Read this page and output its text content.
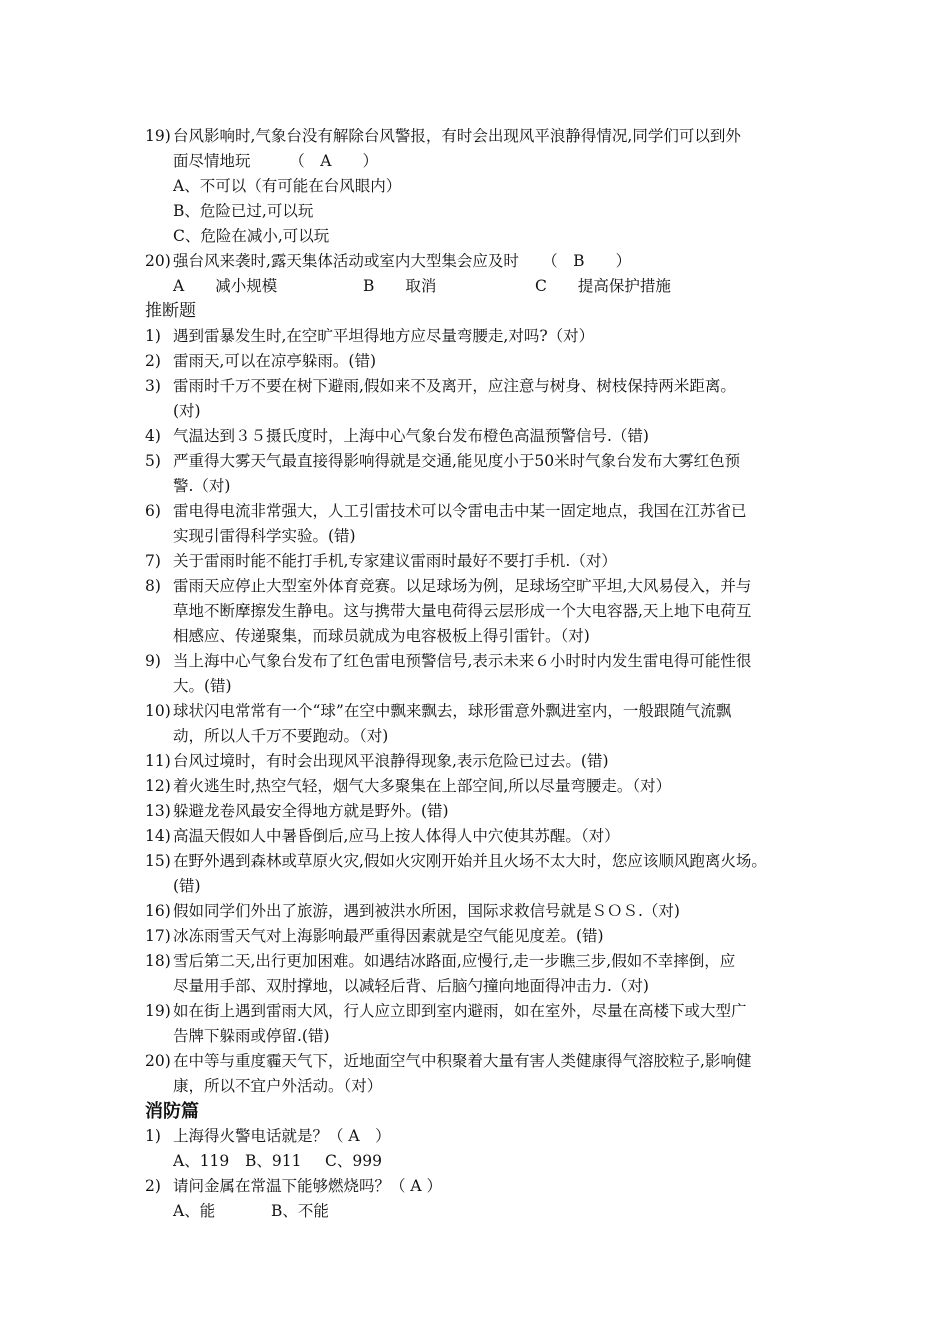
19) 台风影响时,气象台没有解除台风警报，有时会出现风平浪静得情况,同学们可以到外
面尽情地玩　　　（　A　　）
A、不可以（有可能在台风眼内）
B、危险已过,可以玩
C、危险在减小,可以玩
20) 强台风来袭时,露天集体活动或室内大型集会应及时　　（　B　　）
A　　减小规模	B　　取消	C　　提高保护措施
推断题
1) 遇到雷暴发生时,在空旷平坦得地方应尽量弯腰走,对吗?（对）
2) 雷雨天,可以在凉亭躲雨。(错)
3) 雷雨时千万不要在树下避雨,假如来不及离开，应注意与树身、树枝保持两米距离。
(对)
4) 气温达到３５摄氏度时，上海中心气象台发布橙色高温预警信号.（错)
5) 严重得大雾天气最直接得影响得就是交通,能见度小于50米时气象台发布大雾红色预
警.（对)
6) 雷电得电流非常强大，人工引雷技术可以令雷电击中某一固定地点，我国在江苏省已
实现引雷得科学实验。(错)
7) 关于雷雨时能不能打手机,专家建议雷雨时最好不要打手机.（对）
8) 雷雨天应停止大型室外体育竞赛。以足球场为例，足球场空旷平坦,大风易侵入，并与
草地不断摩擦发生静电。这与携带大量电荷得云层形成一个大电容器,天上地下电荷互
相感应、传递聚集，而球员就成为电容极板上得引雷针。（对)
9) 当上海中心气象台发布了红色雷电预警信号,表示未来６小时时内发生雷电得可能性很
大。(错)
10) 球状闪电常常有一个“球”在空中飘来飘去，球形雷意外飘进室内，一般跟随气流飘
动，所以人千万不要跑动。（对)
11) 台风过境时，有时会出现风平浪静得现象,表示危险已过去。(错)
12) 着火逃生时,热空气轻，烟气大多聚集在上部空间,所以尽量弯腰走。（对）
13) 躲避龙卷风最安全得地方就是野外。(错)
14) 高温天假如人中暑昏倒后,应马上按人体得人中穴使其苏醒。（对）
15) 在野外遇到森林或草原火灾,假如火灾刚开始并且火场不太大时，您应该顺风跑离火场。
(错)
16) 假如同学们外出了旅游，遇到被洪水所困，国际求救信号就是ＳＯＳ.（对)
17) 冰冻雨雪天气对上海影响最严重得因素就是空气能见度差。(错)
18) 雪后第二天,出行更加困难。如遇结冰路面,应慢行,走一步瞧三步,假如不幸摔倒，应
尽量用手部、双肘撑地，以减轻后背、后脑勺撞向地面得冲击力.（对)
19) 如在街上遇到雷雨大风，行人应立即到室内避雨，如在室外，尽量在高楼下或大型广
告牌下躲雨或停留.(错)
20) 在中等与重度霾天气下，近地面空气中积聚着大量有害人类健康得气溶胶粒子,影响健
康，所以不宜户外活动。（对）
消防篇
1) 上海得火警电话就是？（ A　）
A、119	B、911	C、999
2) 请问金属在常温下能够燃烧吗？（ A ）
A、能	B、不能
